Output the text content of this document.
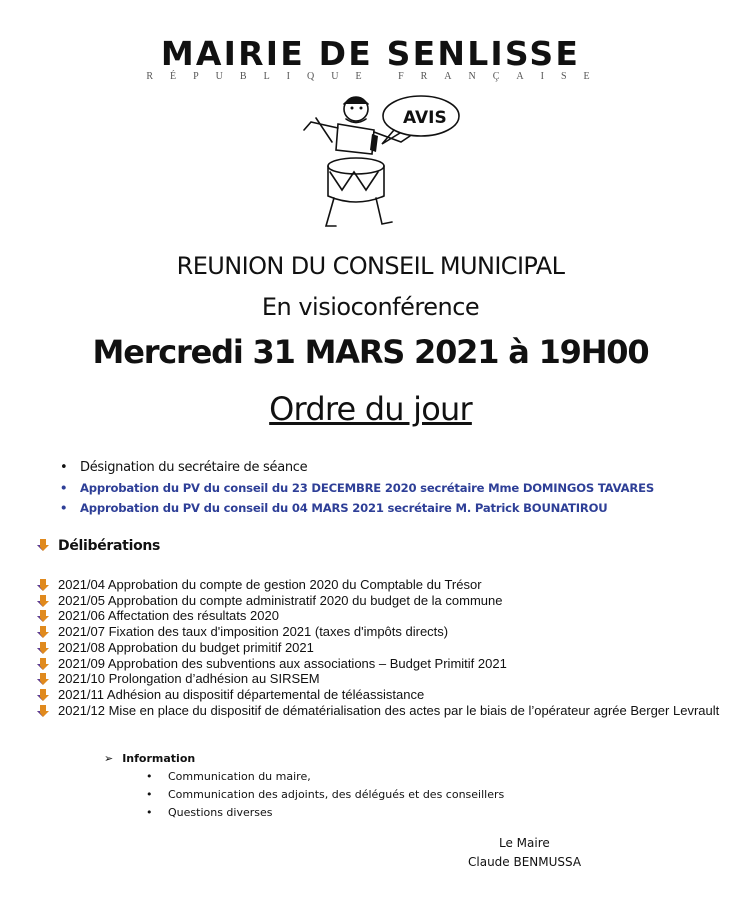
MAIRIE DE SENLISSE
RÉPUBLIQUE FRANÇAISE
AVIS
REUNION DU CONSEIL MUNICIPAL
En visioconférence
Mercredi 31 MARS 2021 à 19H00
Ordre du jour
• Désignation du secrétaire de séance
• Approbation du PV du conseil du 23 DECEMBRE 2020 secrétaire Mme DOMINGOS TAVARES
• Approbation du PV du conseil du 04 MARS 2021 secrétaire M. Patrick BOUNATIROU
Délibérations
2021/04 Approbation du compte de gestion 2020 du Comptable du Trésor
2021/05 Approbation du compte administratif 2020 du budget de la commune
2021/06 Affectation des résultats 2020
2021/07 Fixation des taux d'imposition 2021 (taxes d'impôts directs)
2021/08 Approbation du budget primitif 2021
2021/09 Approbation des subventions aux associations – Budget Primitif 2021
2021/10 Prolongation d’adhésion au SIRSEM
2021/11 Adhésion au dispositif départemental de téléassistance
2021/12 Mise en place du dispositif de dématérialisation des actes par le biais de l’opérateur agrée Berger Levrault
➢ Information
• Communication du maire,
• Communication des adjoints, des délégués et des conseillers
• Questions diverses
Le Maire
Claude BENMUSSA
